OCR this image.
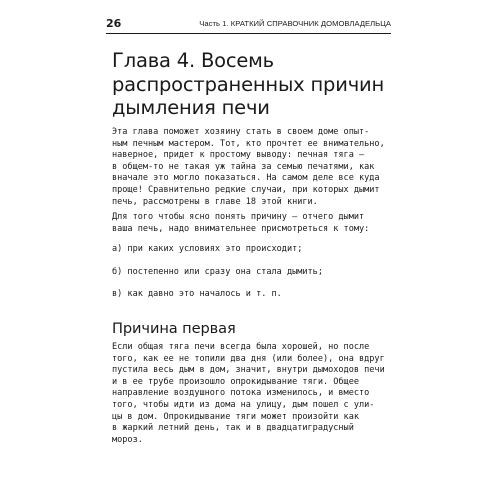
26	Часть 1. КРАТКИЙ СПРАВОЧНИК ДОМОВЛАДЕЛЬЦА
Глава 4. Восемь
распространенных причин
дымления печи

Эта глава поможет хозяину стать в своем доме опыт-
ным печным мастером. Тот, кто прочтет ее внимательно,
наверное, придет к простому выводу: печная тяга —
в общем-то не такая уж тайна за семью печатями, как
вначале это могло показаться. На самом деле все куда
проще! Сравнительно редкие случаи, при которых дымит
печь, рассмотрены в главе 18 этой книги.

Для того чтобы ясно понять причину — отчего дымит
ваша печь, надо внимательнее присмотреться к тому:

а) при каких условиях это происходит;

б) постепенно или сразу она стала дымить;

в) как давно это началось и т. п.

Причина первая

Если общая тяга печи всегда была хорошей, но после
того, как ее не топили два дня (или более), она вдруг
пустила весь дым в дом, значит, внутри дымоходов печи
и в ее трубе произошло опрокидывание тяги. Общее
направление воздушного потока изменилось, и вместо
того, чтобы идти из дома на улицу, дым пошел с ули-
цы в дом. Опрокидывание тяги может произойти как
в жаркий летний день, так и в двадцатиградусный
мороз.
